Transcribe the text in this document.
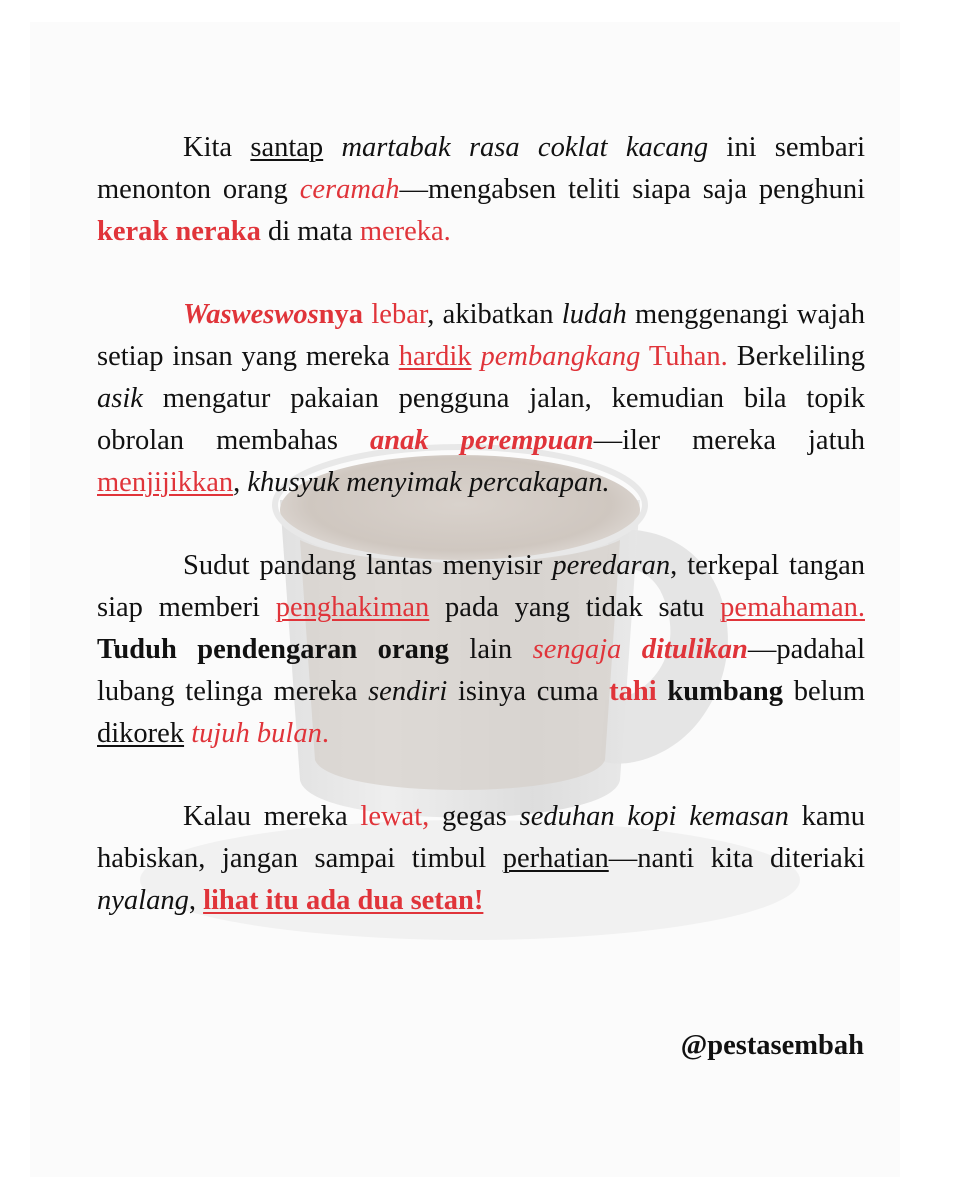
Kita santap martabak rasa coklat kacang ini sembari menonton orang ceramah—mengabsen teliti siapa saja penghuni kerak neraka di mata mereka.

Wasweswosnya lebar, akibatkan ludah menggenangi wajah setiap insan yang mereka hardik pembangkang Tuhan. Berkeliling asik mengatur pakaian pengguna jalan, kemudian bila topik obrolan membahas anak perempuan—iler mereka jatuh menjijikkan, khusyuk menyimak percakapan.

Sudut pandang lantas menyisir peredaran, terkepal tangan siap memberi penghakiman pada yang tidak satu pemahaman. Tuduh pendengaran orang lain sengaja ditulikan—padahal lubang telinga mereka sendiri isinya cuma tahi kumbang belum dikorek tujuh bulan.

Kalau mereka lewat, gegas seduhan kopi kemasan kamu habiskan, jangan sampai timbul perhatian—nanti kita diteriaki nyalang, lihat itu ada dua setan!

@pestasembah
